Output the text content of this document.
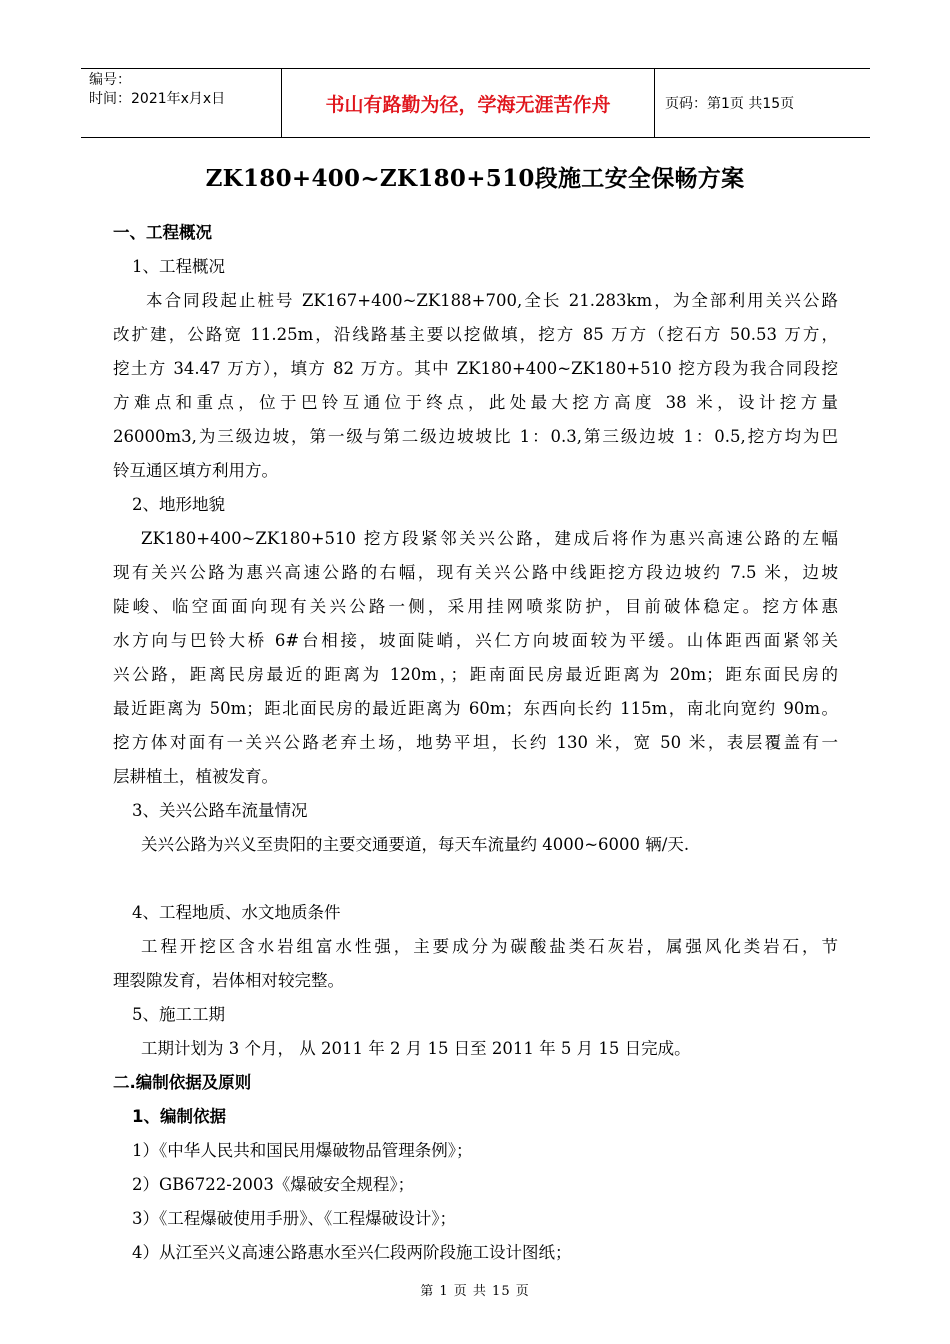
编号：
时间：2021年x月x日	书山有路勤为径，学海无涯苦作舟	页码：第1页 共15页
ZK180+400~ZK180+510段施工安全保畅方案
一、工程概况
1、工程概况
本合同段起止桩号 ZK167+400~ZK188+700,全长 21.283km，为全部利用关兴公路
改扩建，公路宽 11.25m，沿线路基主要以挖做填，挖方 85 万方（挖石方 50.53 万方，
挖土方 34.47 万方），填方 82 万方。其中 ZK180+400~ZK180+510 挖方段为我合同段挖
方难点和重点，位于巴铃互通位于终点，此处最大挖方高度 38 米，设计挖方量
26000m3,为三级边坡，第一级与第二级边坡坡比 1：0.3,第三级边坡 1：0.5,挖方均为巴
铃互通区填方利用方。
2、地形地貌
ZK180+400~ZK180+510 挖方段紧邻关兴公路，建成后将作为惠兴高速公路的左幅
现有关兴公路为惠兴高速公路的右幅，现有关兴公路中线距挖方段边坡约 7.5 米，边坡
陡峻、临空面面向现有关兴公路一侧，采用挂网喷浆防护，目前破体稳定。挖方体惠
水方向与巴铃大桥 6#台相接，坡面陡峭，兴仁方向坡面较为平缓。山体距西面紧邻关
兴公路，距离民房最近的距离为 120m，；距南面民房最近距离为 20m；距东面民房的
最近距离为 50m；距北面民房的最近距离为 60m；东西向长约 115m，南北向宽约 90m。
挖方体对面有一关兴公路老弃土场，地势平坦，长约 130 米，宽 50 米，表层覆盖有一
层耕植土，植被发育。
3、关兴公路车流量情况
关兴公路为兴义至贵阳的主要交通要道，每天车流量约 4000~6000 辆/天.
4、工程地质、水文地质条件
工程开挖区含水岩组富水性强，主要成分为碳酸盐类石灰岩，属强风化类岩石，节
理裂隙发育，岩体相对较完整。
5、施工工期
工期计划为 3 个月， 从 2011 年 2 月 15 日至 2011 年 5 月 15 日完成。
二.编制依据及原则
1、编制依据
1）《中华人民共和国民用爆破物品管理条例》；
2）GB6722-2003《爆破安全规程》；
3）《工程爆破使用手册》、《工程爆破设计》；
4）从江至兴义高速公路惠水至兴仁段两阶段施工设计图纸；
第 1 页 共 15 页
